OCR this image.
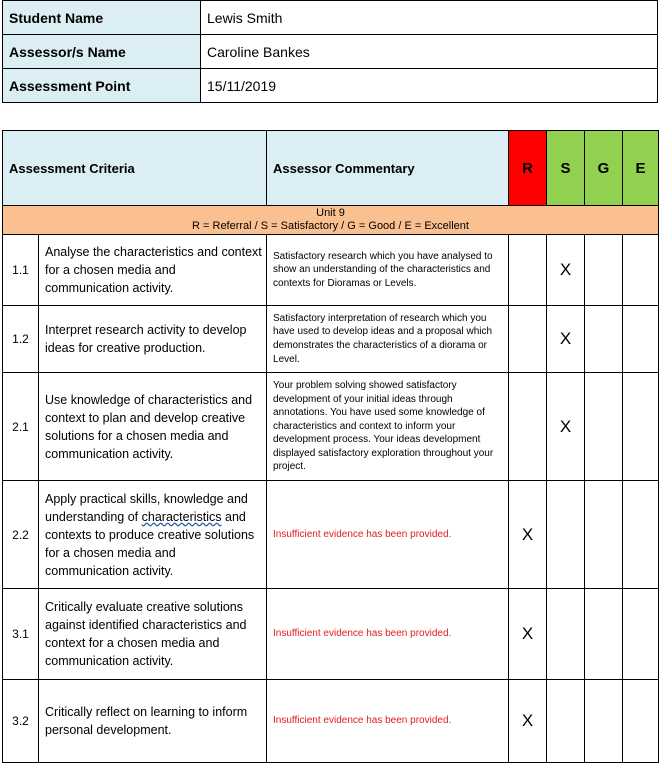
Student Name	Lewis Smith
Assessor/s Name	Caroline Bankes
Assessment Point	15/11/2019
Assessment Criteria		Assessor Commentary	R	S	G	E

Unit 9
R = Referral / S = Satisfactory / G = Good / E = Excellent						

1.1	Analyse the characteristics and context for a chosen media and communication activity.	Satisfactory research which you have analysed to show an understanding of the characteristics and contexts for Dioramas or Levels.		X		
1.2	Interpret research activity to develop ideas for creative production.	Satisfactory interpretation of research which you have used to develop ideas and a proposal which demonstrates the characteristics of a diorama or Level.		X		
2.1	Use knowledge of characteristics and context to plan and develop creative solutions for a chosen media and communication activity.	Your problem solving showed satisfactory development of your initial ideas through annotations. You have used some knowledge of characteristics and context to inform your development process. Your ideas development displayed satisfactory exploration throughout your project.		X		
2.2	Apply practical skills, knowledge and understanding of characteristics and contexts to produce creative solutions for a chosen media and communication activity.	Insufficient evidence has been provided.	X			
3.1	Critically evaluate creative solutions against identified characteristics and context for a chosen media and communication activity.	Insufficient evidence has been provided.	X			
3.2	Critically reflect on learning to inform personal development.	Insufficient evidence has been provided.	X			
